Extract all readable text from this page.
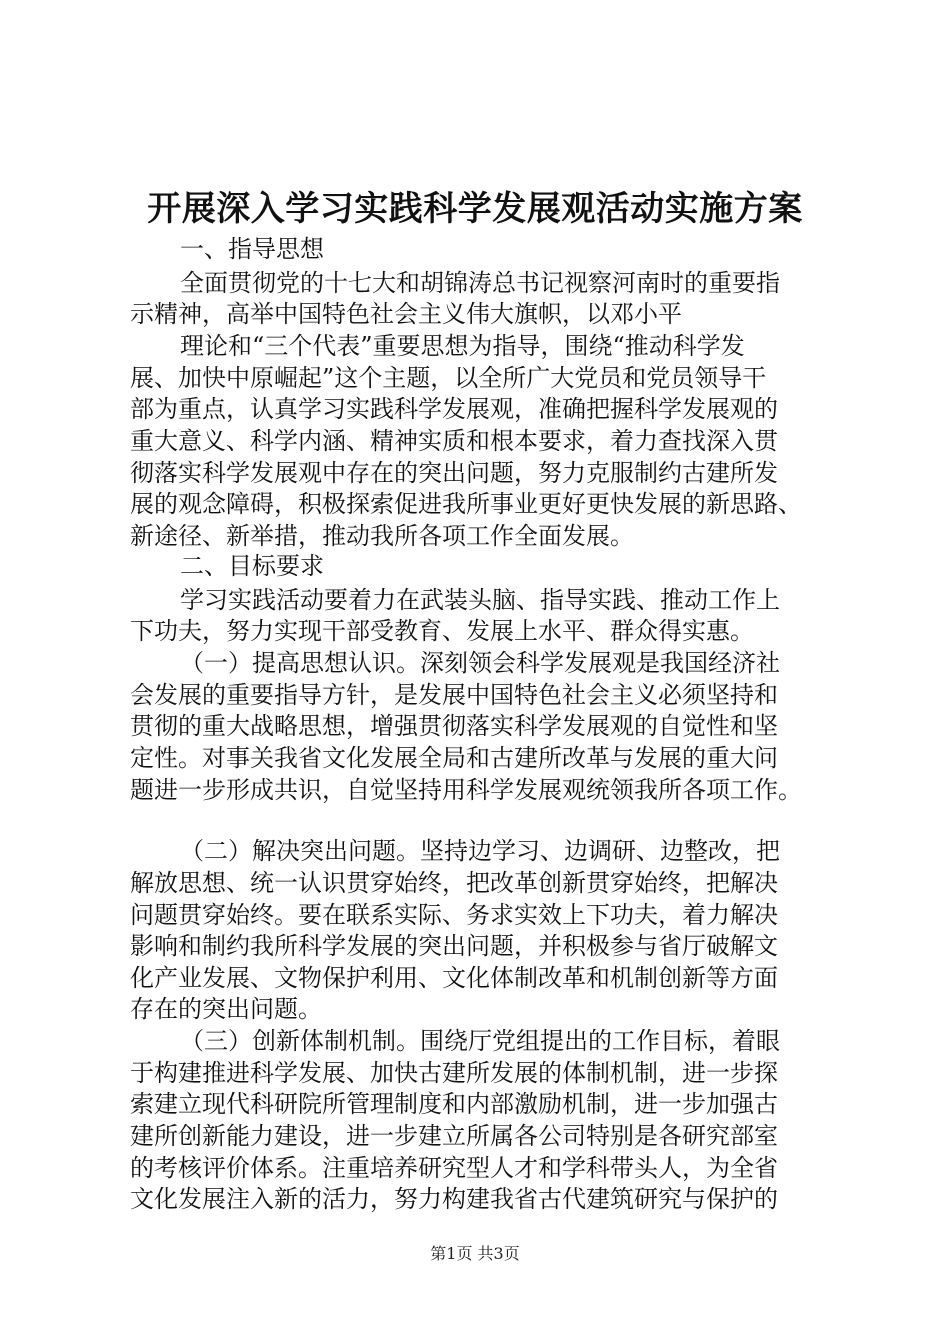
开展深入学习实践科学发展观活动实施方案
一、指导思想
全面贯彻党的十七大和胡锦涛总书记视察河南时的重要指
示精神，高举中国特色社会主义伟大旗帜，以邓小平
理论和“三个代表”重要思想为指导，围绕“推动科学发
展、加快中原崛起”这个主题，以全所广大党员和党员领导干
部为重点，认真学习实践科学发展观，准确把握科学发展观的
重大意义、科学内涵、精神实质和根本要求，着力查找深入贯
彻落实科学发展观中存在的突出问题，努力克服制约古建所发
展的观念障碍，积极探索促进我所事业更好更快发展的新思路、
新途径、新举措，推动我所各项工作全面发展。
二、目标要求
学习实践活动要着力在武装头脑、指导实践、推动工作上
下功夫，努力实现干部受教育、发展上水平、群众得实惠。
（一）提高思想认识。深刻领会科学发展观是我国经济社
会发展的重要指导方针，是发展中国特色社会主义必须坚持和
贯彻的重大战略思想，增强贯彻落实科学发展观的自觉性和坚
定性。对事关我省文化发展全局和古建所改革与发展的重大问
题进一步形成共识，自觉坚持用科学发展观统领我所各项工作。
（二）解决突出问题。坚持边学习、边调研、边整改，把
解放思想、统一认识贯穿始终，把改革创新贯穿始终，把解决
问题贯穿始终。要在联系实际、务求实效上下功夫，着力解决
影响和制约我所科学发展的突出问题，并积极参与省厅破解文
化产业发展、文物保护利用、文化体制改革和机制创新等方面
存在的突出问题。
（三）创新体制机制。围绕厅党组提出的工作目标，着眼
于构建推进科学发展、加快古建所发展的体制机制，进一步探
索建立现代科研院所管理制度和内部激励机制，进一步加强古
建所创新能力建设，进一步建立所属各公司特别是各研究部室
的考核评价体系。注重培养研究型人才和学科带头人，为全省
文化发展注入新的活力，努力构建我省古代建筑研究与保护的
第1页 共3页
